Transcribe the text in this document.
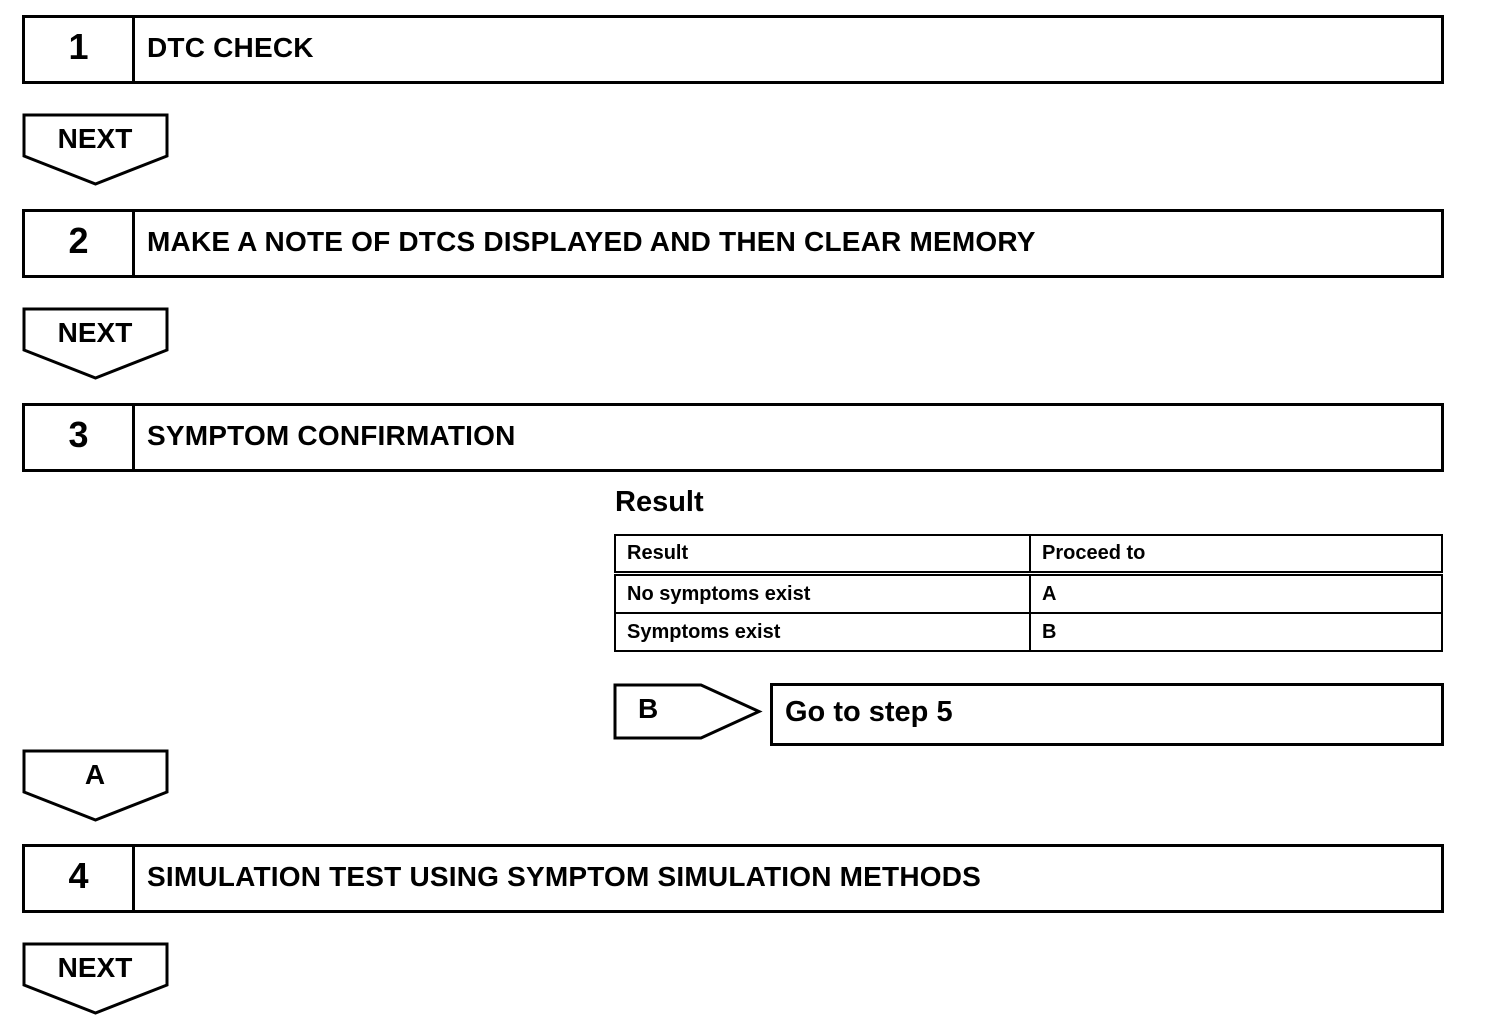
1	DTC CHECK
NEXT
2	MAKE A NOTE OF DTCS DISPLAYED AND THEN CLEAR MEMORY
NEXT
3	SYMPTOM CONFIRMATION
Result
Result	Proceed to
No symptoms exist	A
Symptoms exist	B
B	Go to step 5
A
4	SIMULATION TEST USING SYMPTOM SIMULATION METHODS
NEXT
